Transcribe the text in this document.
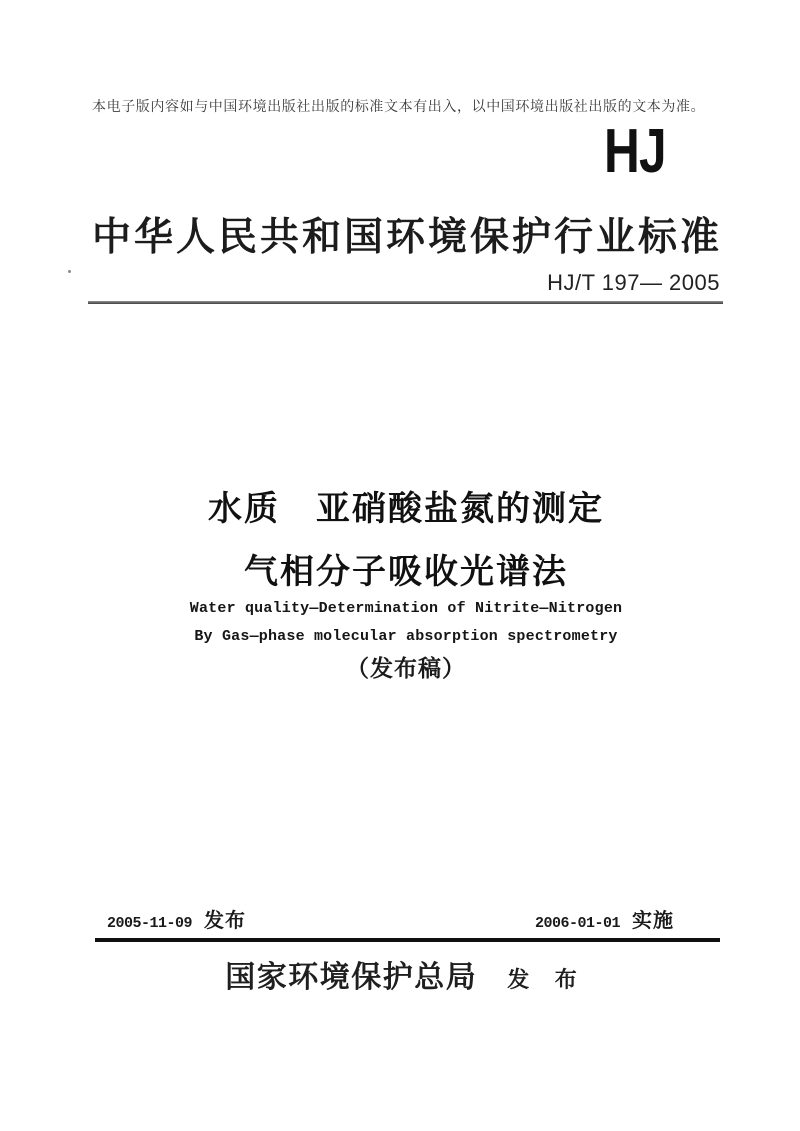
本电子版内容如与中国环境出版社出版的标准文本有出入，以中国环境出版社出版的文本为准。
HJ
中华人民共和国环境保护行业标准
HJ/T 197— 2005
水质　亚硝酸盐氮的测定
气相分子吸收光谱法
Water quality—Determination of Nitrite—Nitrogen
By Gas—phase molecular absorption spectrometry
（发布稿）
2005-11-09 发布	2006-01-01 实施
国家环境保护总局 发 布
